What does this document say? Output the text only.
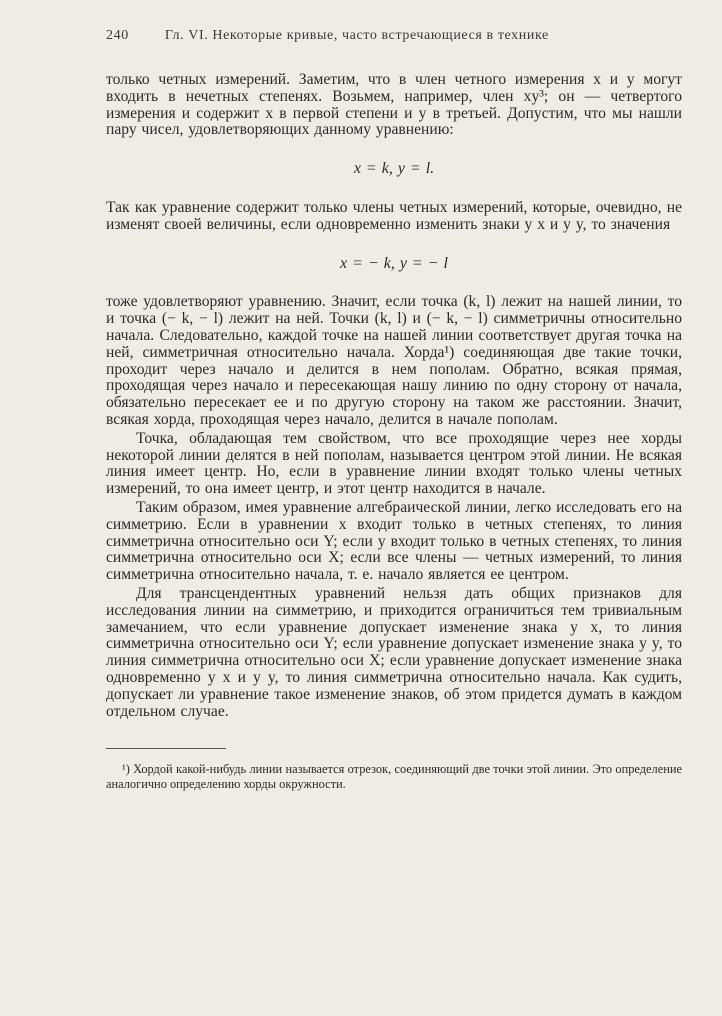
240	Гл. VI. Некоторые кривые, часто встречающиеся в технике

только четных измерений. Заметим, что в член четного измерения x и y могут входить в нечетных степенях. Возьмем, например, член xy³; он — четвертого измерения и содержит x в первой степени и y в третьей. Допустим, что мы нашли пару чисел, удовлетворяющих данному уравнению:

x = k, y = l.

Так как уравнение содержит только члены четных измерений, которые, очевидно, не изменят своей величины, если одновременно изменить знаки у x и у y, то значения

x = − k, y = − l

тоже удовлетворяют уравнению. Значит, если точка (k, l) лежит на нашей линии, то и точка (− k, − l) лежит на ней. Точки (k, l) и (− k, − l) симметричны относительно начала. Следовательно, каждой точке на нашей линии соответствует другая точка на ней, симметричная относительно начала. Хорда¹) соединяющая две такие точки, проходит через начало и делится в нем пополам. Обратно, всякая прямая, проходящая через начало и пересекающая нашу линию по одну сторону от начала, обязательно пересекает ее и по другую сторону на таком же расстоянии. Значит, всякая хорда, проходящая через начало, делится в начале пополам.

Точка, обладающая тем свойством, что все проходящие через нее хорды некоторой линии делятся в ней пополам, называется центром этой линии. Не всякая линия имеет центр. Но, если в уравнение линии входят только члены четных измерений, то она имеет центр, и этот центр находится в начале.

Таким образом, имея уравнение алгебраической линии, легко исследовать его на симметрию. Если в уравнении x входит только в четных степенях, то линия симметрична относительно оси Y; если y входит только в четных степенях, то линия симметрична относительно оси X; если все члены — четных измерений, то линия симметрична относительно начала, т. е. начало является ее центром.

Для трансцендентных уравнений нельзя дать общих признаков для исследования линии на симметрию, и приходится ограничиться тем тривиальным замечанием, что если уравнение допускает изменение знака у x, то линия симметрична относительно оси Y; если уравнение допускает изменение знака у y, то линия симметрична относительно оси X; если уравнение допускает изменение знака одновременно у x и у y, то линия симметрична относительно начала. Как судить, допускает ли уравнение такое изменение знаков, об этом придется думать в каждом отдельном случае.

¹) Хордой какой-нибудь линии называется отрезок, соединяющий две точки этой линии. Это определение аналогично определению хорды окружности.
